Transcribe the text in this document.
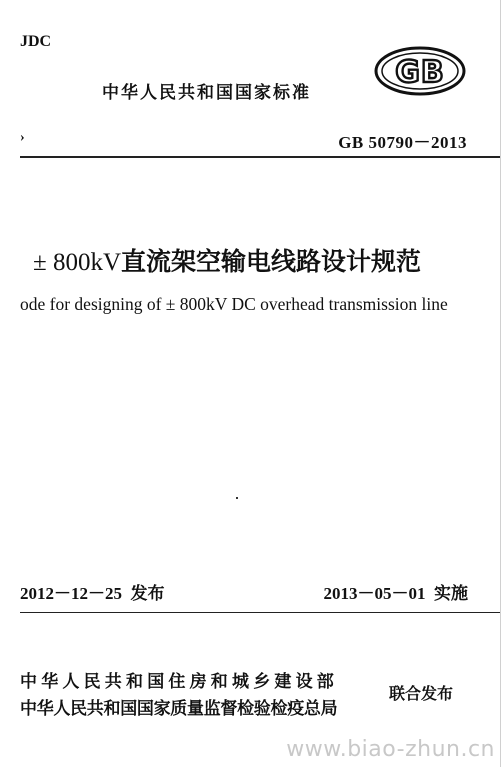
JDC
中华人民共和国国家标准
GB
›	GB 50790－2013
± 800kV直流架空输电线路设计规范
ode for designing of ± 800kV DC overhead transmission line
2012－12－25 发布	2013－05－01 实施
中华人民共和国住房和城乡建设部
中华人民共和国国家质量监督检验检疫总局
联合发布
www.biao-zhun.cn
